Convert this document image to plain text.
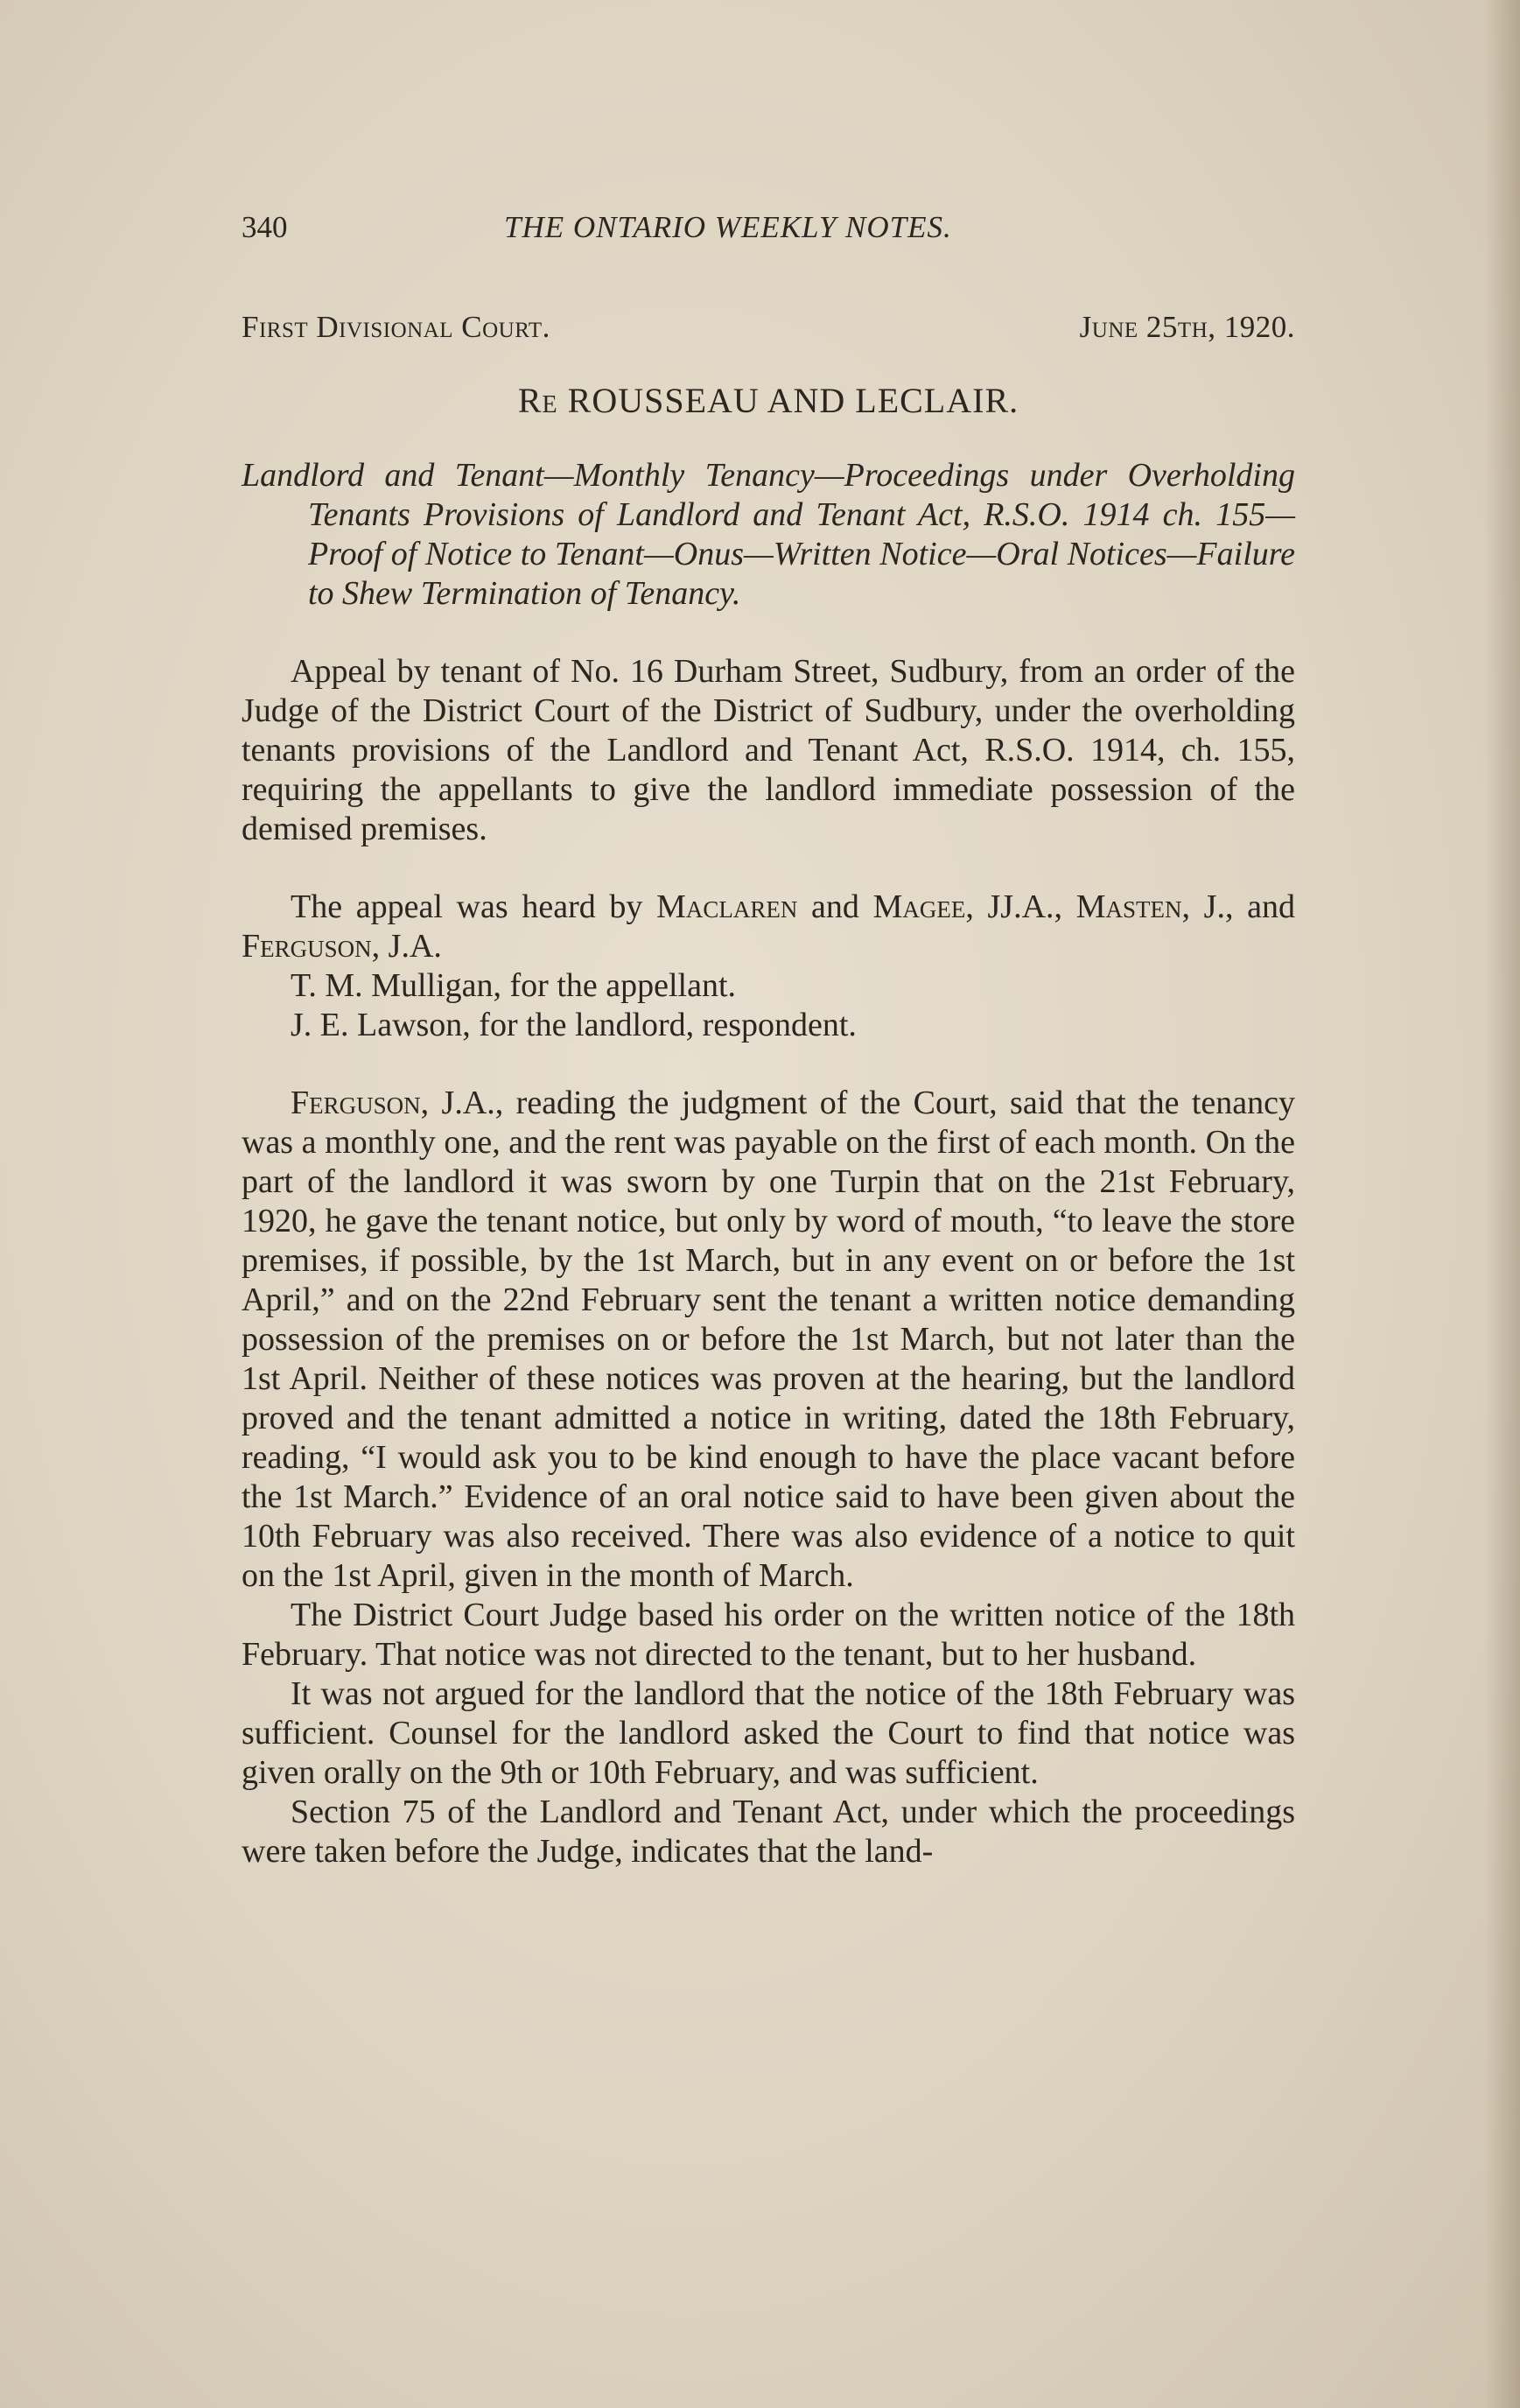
340	THE ONTARIO WEEKLY NOTES.
First Divisional Court.	June 25th, 1920.
Re ROUSSEAU AND LECLAIR.
Landlord and Tenant—Monthly Tenancy—Proceedings under Overholding Tenants Provisions of Landlord and Tenant Act, R.S.O. 1914 ch. 155—Proof of Notice to Tenant—Onus—Written Notice—Oral Notices—Failure to Shew Termination of Tenancy.

Appeal by tenant of No. 16 Durham Street, Sudbury, from an order of the Judge of the District Court of the District of Sudbury, under the overholding tenants provisions of the Landlord and Tenant Act, R.S.O. 1914, ch. 155, requiring the appellants to give the landlord immediate possession of the demised premises.

The appeal was heard by Maclaren and Magee, JJ.A., Masten, J., and Ferguson, J.A.

T. M. Mulligan, for the appellant.

J. E. Lawson, for the landlord, respondent.

Ferguson, J.A., reading the judgment of the Court, said that the tenancy was a monthly one, and the rent was payable on the first of each month. On the part of the landlord it was sworn by one Turpin that on the 21st February, 1920, he gave the tenant notice, but only by word of mouth, “to leave the store premises, if possible, by the 1st March, but in any event on or before the 1st April,” and on the 22nd February sent the tenant a written notice demanding possession of the premises on or before the 1st March, but not later than the 1st April. Neither of these notices was proven at the hearing, but the landlord proved and the tenant admitted a notice in writing, dated the 18th February, reading, “I would ask you to be kind enough to have the place vacant before the 1st March.” Evidence of an oral notice said to have been given about the 10th February was also received. There was also evidence of a notice to quit on the 1st April, given in the month of March.

The District Court Judge based his order on the written notice of the 18th February. That notice was not directed to the tenant, but to her husband.

It was not argued for the landlord that the notice of the 18th February was sufficient. Counsel for the landlord asked the Court to find that notice was given orally on the 9th or 10th February, and was sufficient.

Section 75 of the Landlord and Tenant Act, under which the proceedings were taken before the Judge, indicates that the land-
